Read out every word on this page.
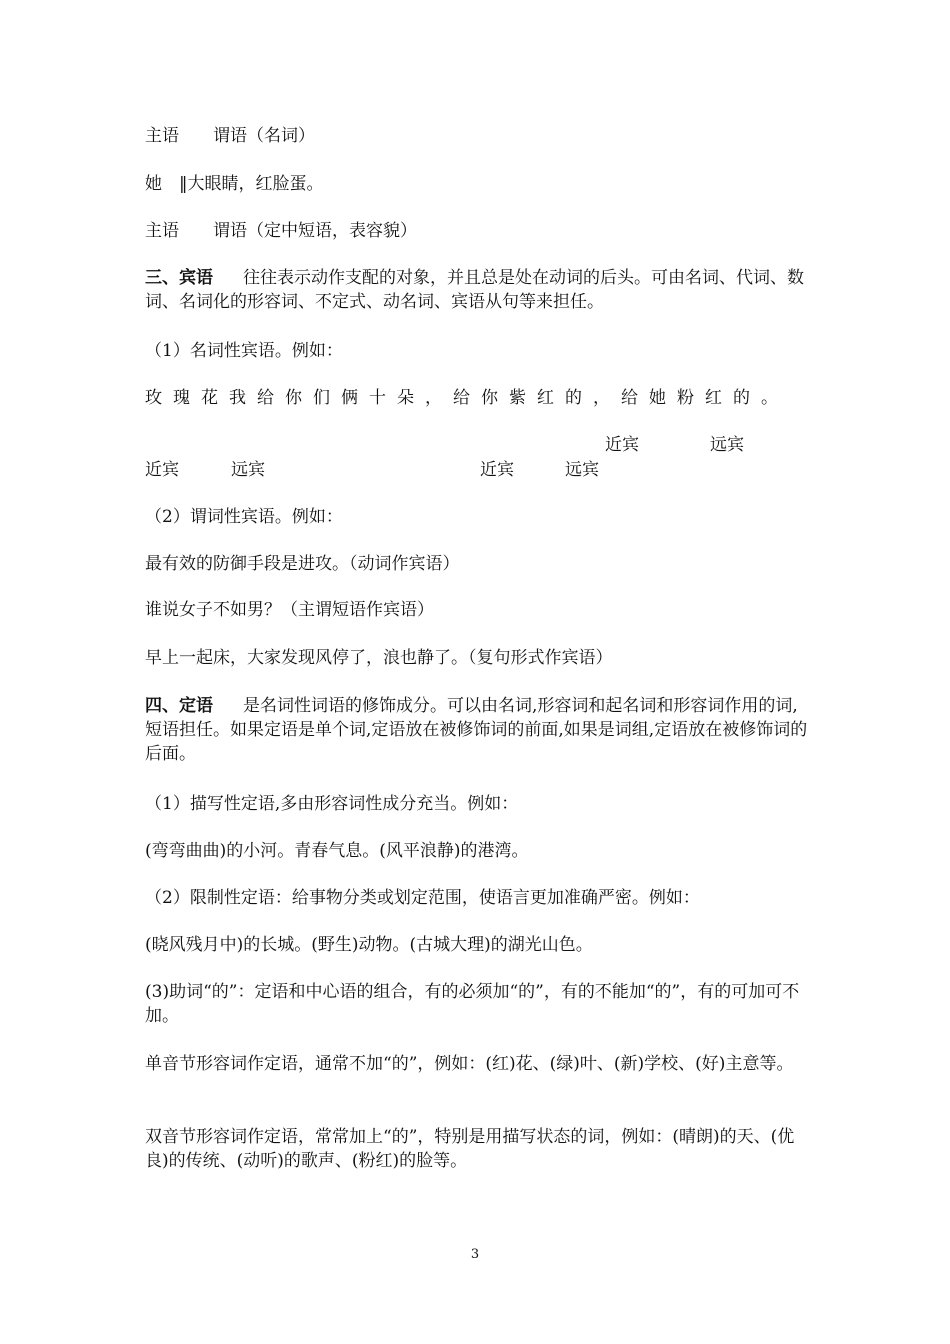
主语　　谓语（名词）
她　‖大眼睛，红脸蛋。
主语　　谓语（定中短语，表容貌）
三、宾语 往往表示动作支配的对象，并且总是处在动词的后头。可由名词、代词、数词、名词化的形容词、不定式、动名词、宾语从句等来担任。
（1）名词性宾语。例如：
玫瑰花我给你们俩十朵，给你紫红的，给她粉红的。
近宾	远宾
近宾	远宾	近宾	远宾
（2）谓词性宾语。例如：
最有效的防御手段是进攻。（动词作宾语）
谁说女子不如男？（主谓短语作宾语）
早上一起床，大家发现风停了，浪也静了。（复句形式作宾语）
四、定语 是名词性词语的修饰成分。可以由名词,形容词和起名词和形容词作用的词,短语担任。如果定语是单个词,定语放在被修饰词的前面,如果是词组,定语放在被修饰词的后面。
（1）描写性定语,多由形容词性成分充当。例如：
(弯弯曲曲)的小河。青春气息。(风平浪静)的港湾。
（2）限制性定语：给事物分类或划定范围，使语言更加准确严密。例如：
(晓风残月中)的长城。(野生)动物。(古城大理)的湖光山色。
(3)助词“的”：定语和中心语的组合，有的必须加“的”，有的不能加“的”，有的可加可不加。
单音节形容词作定语，通常不加“的”，例如：(红)花、(绿)叶、(新)学校、(好)主意等。
双音节形容词作定语，常常加上“的”，特别是用描写状态的词，例如：(晴朗)的天、(优良)的传统、(动听)的歌声、(粉红)的脸等。
3
